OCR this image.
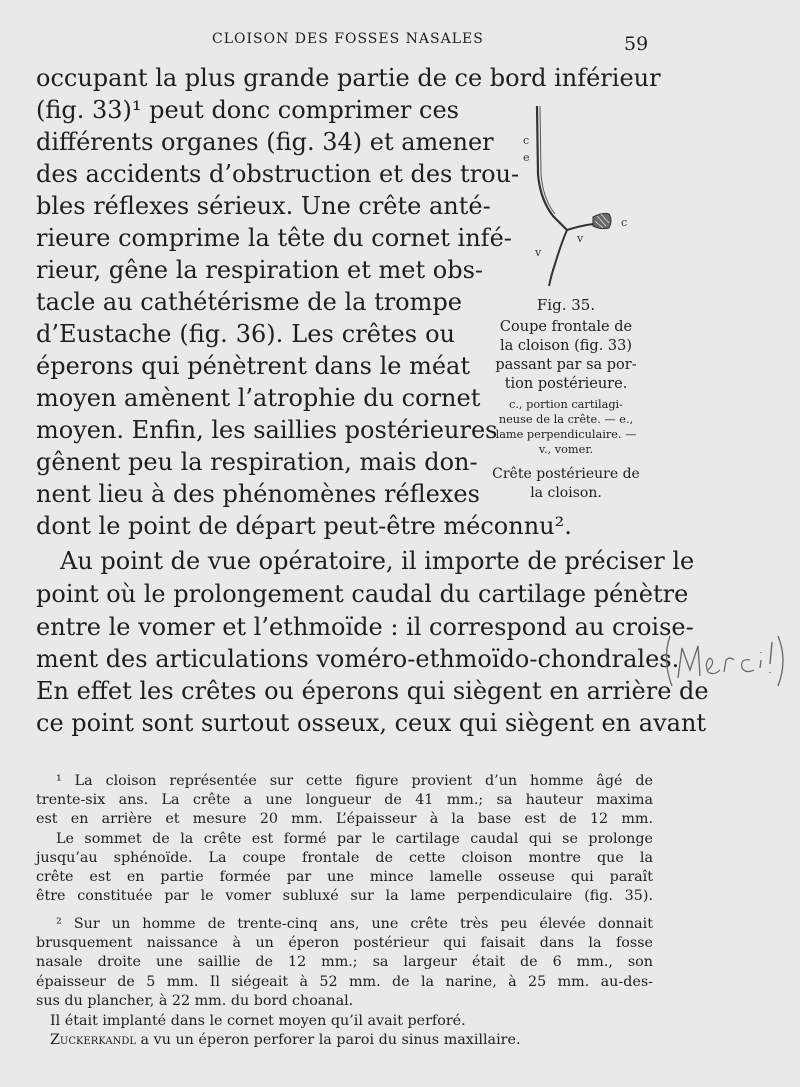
CLOISON DES FOSSES NASALES	59
occupant la plus grande partie de ce bord inférieur
(fig. 33)¹ peut donc comprimer ces
différents organes (fig. 34) et amener
des accidents d’obstruction et des trou-
bles réflexes sérieux. Une crête anté-
rieure comprime la tête du cornet infé-
rieur, gêne la respiration et met obs-
tacle au cathétérisme de la trompe
d’Eustache (fig. 36). Les crêtes ou
éperons qui pénètrent dans le méat
moyen amènent l’atrophie du cornet
moyen. Enfin, les saillies postérieures
gênent peu la respiration, mais don-
nent lieu à des phénomènes réflexes
dont le point de départ peut-être méconnu².
Au point de vue opératoire, il importe de préciser le
point où le prolongement caudal du cartilage pénètre
entre le vomer et l’ethmoïde : il correspond au croise-
ment des articulations voméro-ethmoïdo-chondrales.
En effet les crêtes ou éperons qui siègent en arrière de
ce point sont surtout osseux, ceux qui siègent en avant
c
e
c
v
v
Fig. 35.
Coupe frontale de
la cloison (fig. 33)
passant par sa por-
tion postérieure.
c., portion cartilagi-
neuse de la crête. — e.,
lame perpendiculaire. —
v., vomer.
Crête postérieure de
la cloison.
¹ La cloison représentée sur cette figure provient d’un homme âgé de
trente-six ans. La crête a une longueur de 41 mm.; sa hauteur maxima
est en arrière et mesure 20 mm. L’épaisseur à la base est de 12 mm.
Le sommet de la crête est formé par le cartilage caudal qui se prolonge
jusqu’au sphénoïde. La coupe frontale de cette cloison montre que la
crête est en partie formée par une mince lamelle osseuse qui paraît
être constituée par le vomer subluxé sur la lame perpendiculaire (fig. 35).
² Sur un homme de trente-cinq ans, une crête très peu élevée donnait
brusquement naissance à un éperon postérieur qui faisait dans la fosse
nasale droite une saillie de 12 mm.; sa largeur était de 6 mm., son
épaisseur de 5 mm. Il siégeait à 52 mm. de la narine, à 25 mm. au-des-
sus du plancher, à 22 mm. du bord choanal.
Il était implanté dans le cornet moyen qu’il avait perforé.
Zuckerkandl a vu un éperon perforer la paroi du sinus maxillaire.
